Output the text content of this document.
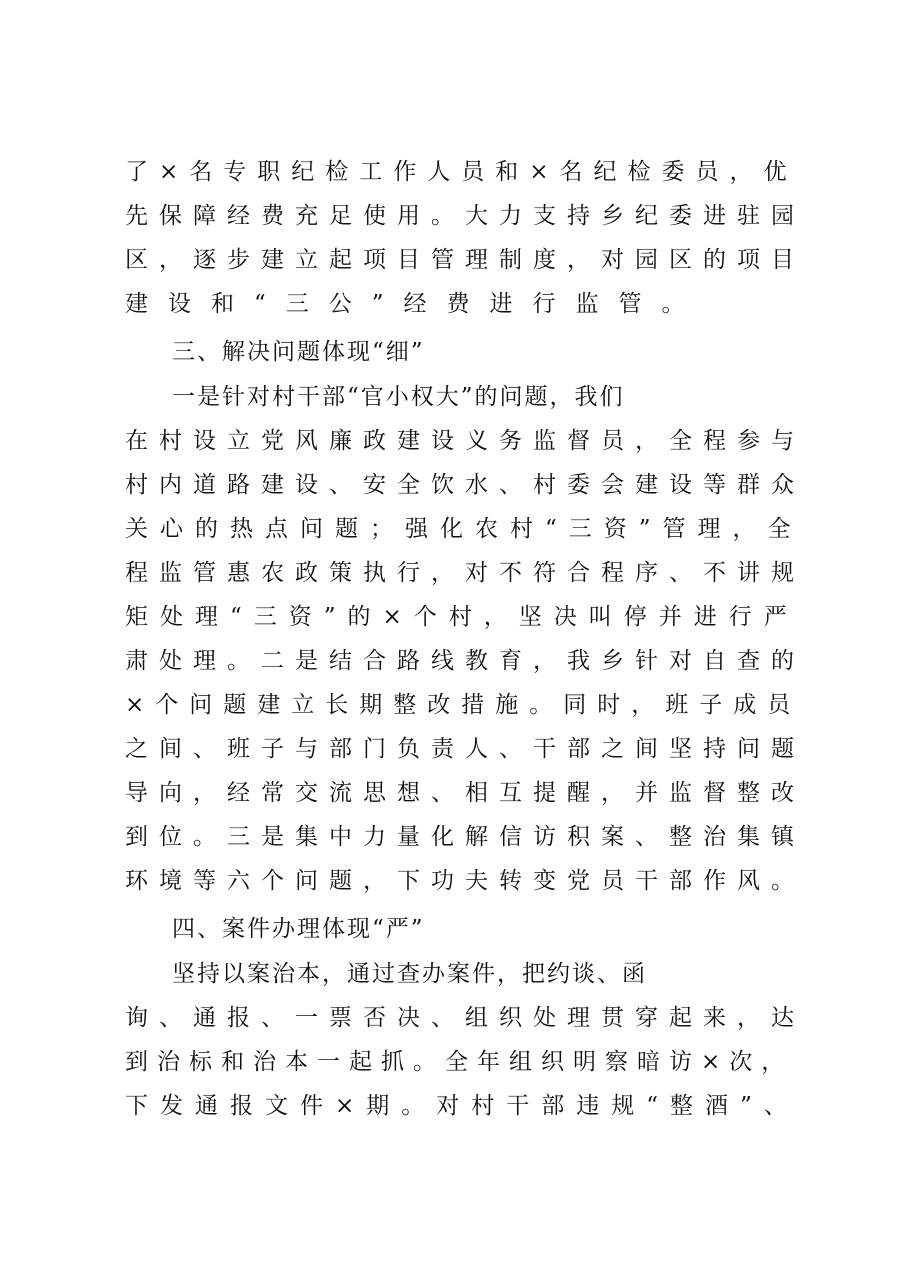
了×名专职纪检工作人员和×名纪检委员，优
先保障经费充足使用。大力支持乡纪委进驻园
区，逐步建立起项目管理制度，对园区的项目
建设和“三公”经费进行监管。
三、解决问题体现“细”
一是针对村干部“官小权大”的问题，我们
在村设立党风廉政建设义务监督员，全程参与
村内道路建设、安全饮水、村委会建设等群众
关心的热点问题；强化农村“三资”管理，全
程监管惠农政策执行，对不符合程序、不讲规
矩处理“三资”的×个村，坚决叫停并进行严
肃处理。二是结合路线教育，我乡针对自查的
×个问题建立长期整改措施。同时，班子成员
之间、班子与部门负责人、干部之间坚持问题
导向，经常交流思想、相互提醒，并监督整改
到位。三是集中力量化解信访积案、整治集镇
环境等六个问题，下功夫转变党员干部作风。
四、案件办理体现“严”
坚持以案治本，通过查办案件，把约谈、函
询、通报、一票否决、组织处理贯穿起来，达
到治标和治本一起抓。全年组织明察暗访×次，
下发通报文件×期。对村干部违规“整酒”、
